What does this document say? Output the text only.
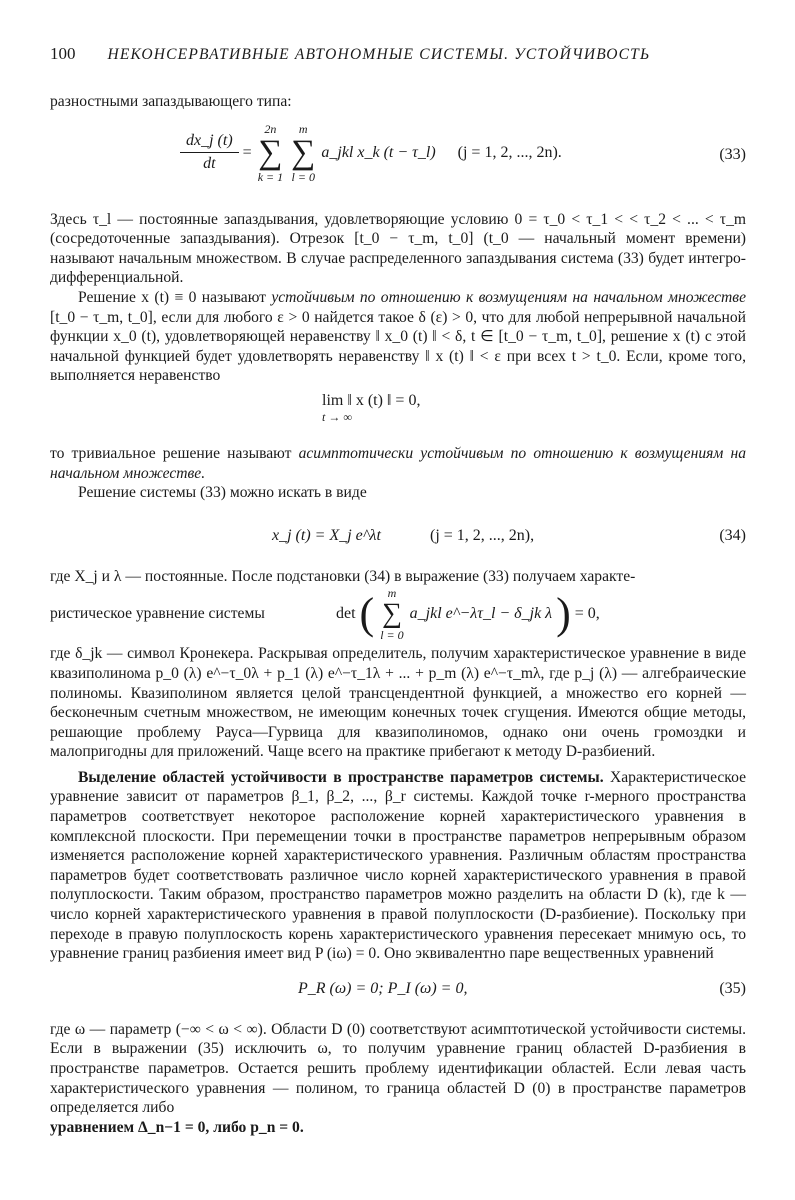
100 НЕКОНСЕРВАТИВНЫЕ АВТОНОМНЫЕ СИСТЕМЫ. УСТОЙЧИВОСТЬ

разностными запаздывающего типа:

$\frac{dx\_j (t)}{dt}$ =
2n
∑
k = 1

m
∑
l = 0
a_jkl x_k (t − τ_l) (j = 1, 2, ..., 2n).	(33)

Здесь τ_l — постоянные запаздывания, удовлетворяющие условию 0 = τ_0 < τ_1 < < τ_2 < ... < τ_m (сосредоточенные запаздывания). Отрезок [t_0 − τ_m, t_0] (t_0 — начальный момент времени) называют начальным множеством. В случае распределенного запаздывания система (33) будет интегро-дифференциальной.

Решение x (t) ≡ 0 называют устойчивым по отношению к возмущениям на начальном множестве [t_0 − τ_m, t_0], если для любого ε > 0 найдется такое δ (ε) > 0, что для любой непрерывной начальной функции x_0 (t), удовлетворяющей неравенству ‖ x_0 (t) ‖ < δ, t ∈ [t_0 − τ_m, t_0], решение x (t) с этой начальной функцией будет удовлетворять неравенству ‖ x (t) ‖ < ε при всех t > t_0. Если, кроме того, выполняется неравенство

lim ‖ x (t) ‖ = 0,
t → ∞

то тривиальное решение называют асимптотически устойчивым по отношению к возмущениям на начальном множестве.

Решение системы (33) можно искать в виде

x_j (t) = X_j e^λt	(j = 1, 2, ..., 2n),	(34)

где X_j и λ — постоянные. После подстановки (34) в выражение (33) получаем характе-

ристическое уравнение системы	det (	m
∑
l = 0
a_jkl e^−λτ_l − δ_jk λ ) = 0,

где δ_jk — символ Кронекера. Раскрывая определитель, получим характеристическое уравнение в виде квазиполинома p_0 (λ) e^−τ_0λ + p_1 (λ) e^−τ_1λ + ... + p_m (λ) e^−τ_mλ, где p_j (λ) — алгебраические полиномы. Квазиполином является целой трансцендентной функцией, а множество его корней — бесконечным счетным множеством, не имеющим конечных точек сгущения. Имеются общие методы, решающие проблему Рауса—Гурвица для квазиполиномов, однако они очень громоздки и малопригодны для приложений. Чаще всего на практике прибегают к методу D-разбиений.

Выделение областей устойчивости в пространстве параметров системы. Характеристическое уравнение зависит от параметров β_1, β_2, ..., β_r системы. Каждой точке r-мерного пространства параметров соответствует некоторое расположение корней характеристического уравнения в комплексной плоскости. При перемещении точки в пространстве параметров непрерывным образом изменяется расположение корней характеристического уравнения. Различным областям пространства параметров будет соответствовать различное число корней характеристического уравнения в правой полуплоскости. Таким образом, пространство параметров можно разделить на области D (k), где k — число корней характеристического уравнения в правой полуплоскости (D-разбиение). Поскольку при переходе в правую полуплоскость корень характеристического уравнения пересекает мнимую ось, то уравнение границ разбиения имеет вид P (iω) = 0. Оно эквивалентно паре вещественных уравнений

P_R (ω) = 0; P_I (ω) = 0,	(35)

где ω — параметр (−∞ < ω < ∞). Области D (0) соответствуют асимптотической устойчивости системы. Если в выражении (35) исключить ω, то получим уравнение границ областей D-разбиения в пространстве параметров. Остается решить проблему идентификации областей. Если левая часть характеристического уравнения — полином, то граница областей D (0) в пространстве параметров определяется либо

уравнением Δ_n−1 = 0, либо p_n = 0.
